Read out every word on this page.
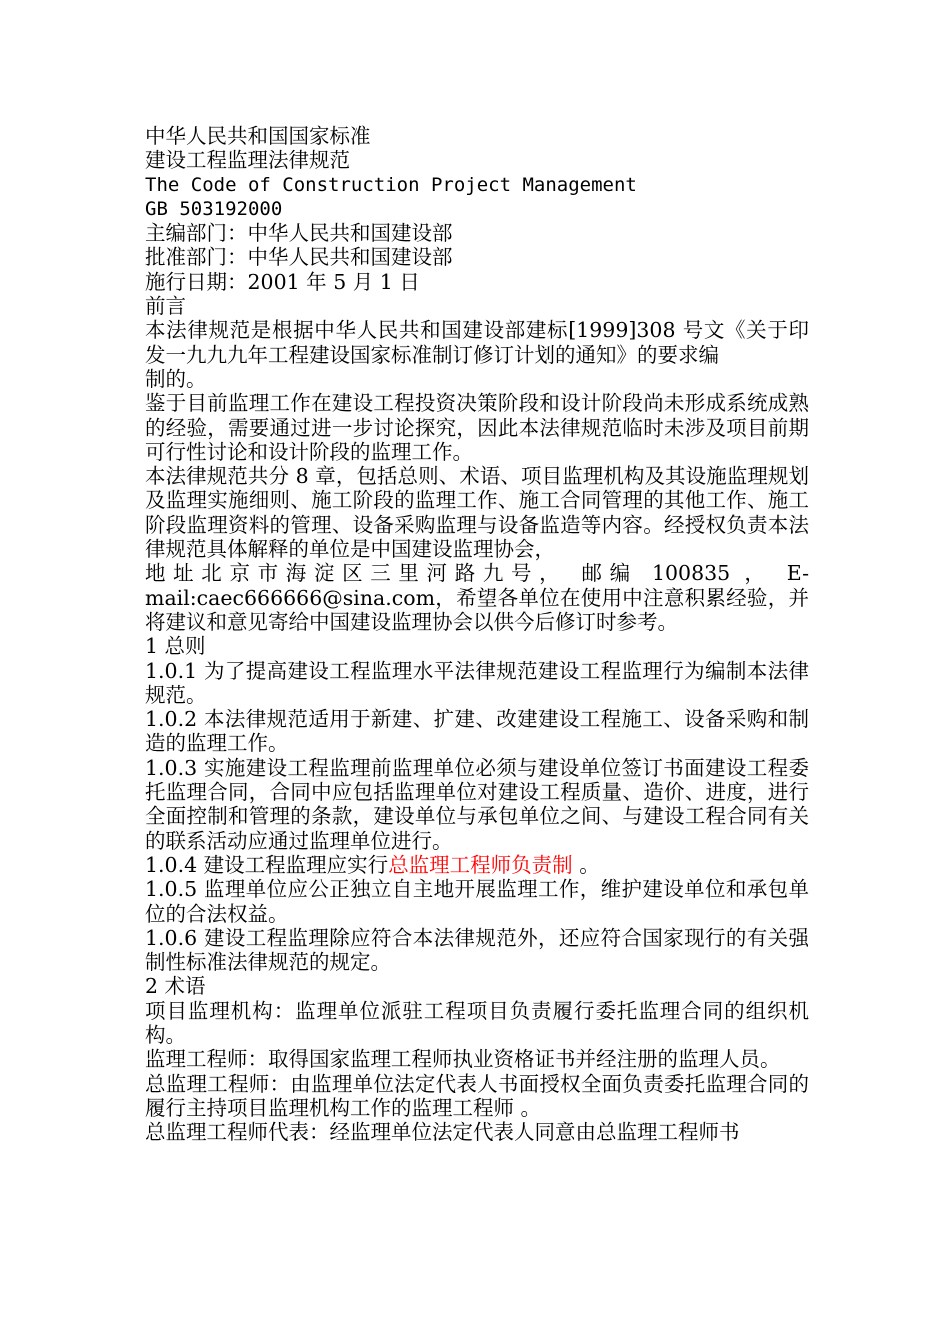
中华人民共和国国家标准

建设工程监理法律规范

The Code of Construction Project Management

GB 503192000

主编部门：中华人民共和国建设部

批准部门：中华人民共和国建设部

施行日期：2001 年 5 月 1 日

前言

本法律规范是根据中华人民共和国建设部建标[1999]308 号文《关于印发一九九九年工程建设国家标准制订修订计划的通知》的要求编

制的。

鉴于目前监理工作在建设工程投资决策阶段和设计阶段尚未形成系统成熟的经验，需要通过进一步讨论探究，因此本法律规范临时未涉及项目前期可行性讨论和设计阶段的监理工作。

本法律规范共分 8 章，包括总则、术语、项目监理机构及其设施监理规划及监理实施细则、施工阶段的监理工作、施工合同管理的其他工作、施工阶段监理资料的管理、设备采购监理与设备监造等内容。经授权负责本法律规范具体解释的单位是中国建设监理协会，

地址北京市海淀区三里河路九号， 邮编 100835 ， E-

mail:caec666666@sina.com，希望各单位在使用中注意积累经验，并将建议和意见寄给中国建设监理协会以供今后修订时参考。

1 总则

1.0.1 为了提高建设工程监理水平法律规范建设工程监理行为编制本法律规范。

1.0.2 本法律规范适用于新建、扩建、改建建设工程施工、设备采购和制造的监理工作。

1.0.3 实施建设工程监理前监理单位必须与建设单位签订书面建设工程委托监理合同，合同中应包括监理单位对建设工程质量、造价、进度，进行全面控制和管理的条款，建设单位与承包单位之间、与建设工程合同有关的联系活动应通过监理单位进行。

1.0.4 建设工程监理应实行总监理工程师负责制 。

1.0.5 监理单位应公正独立自主地开展监理工作，维护建设单位和承包单位的合法权益。

1.0.6 建设工程监理除应符合本法律规范外，还应符合国家现行的有关强制性标准法律规范的规定。

2 术语

项目监理机构：监理单位派驻工程项目负责履行委托监理合同的组织机构。

监理工程师：取得国家监理工程师执业资格证书并经注册的监理人员。

总监理工程师：由监理单位法定代表人书面授权全面负责委托监理合同的履行主持项目监理机构工作的监理工程师 。

总监理工程师代表：经监理单位法定代表人同意由总监理工程师书
